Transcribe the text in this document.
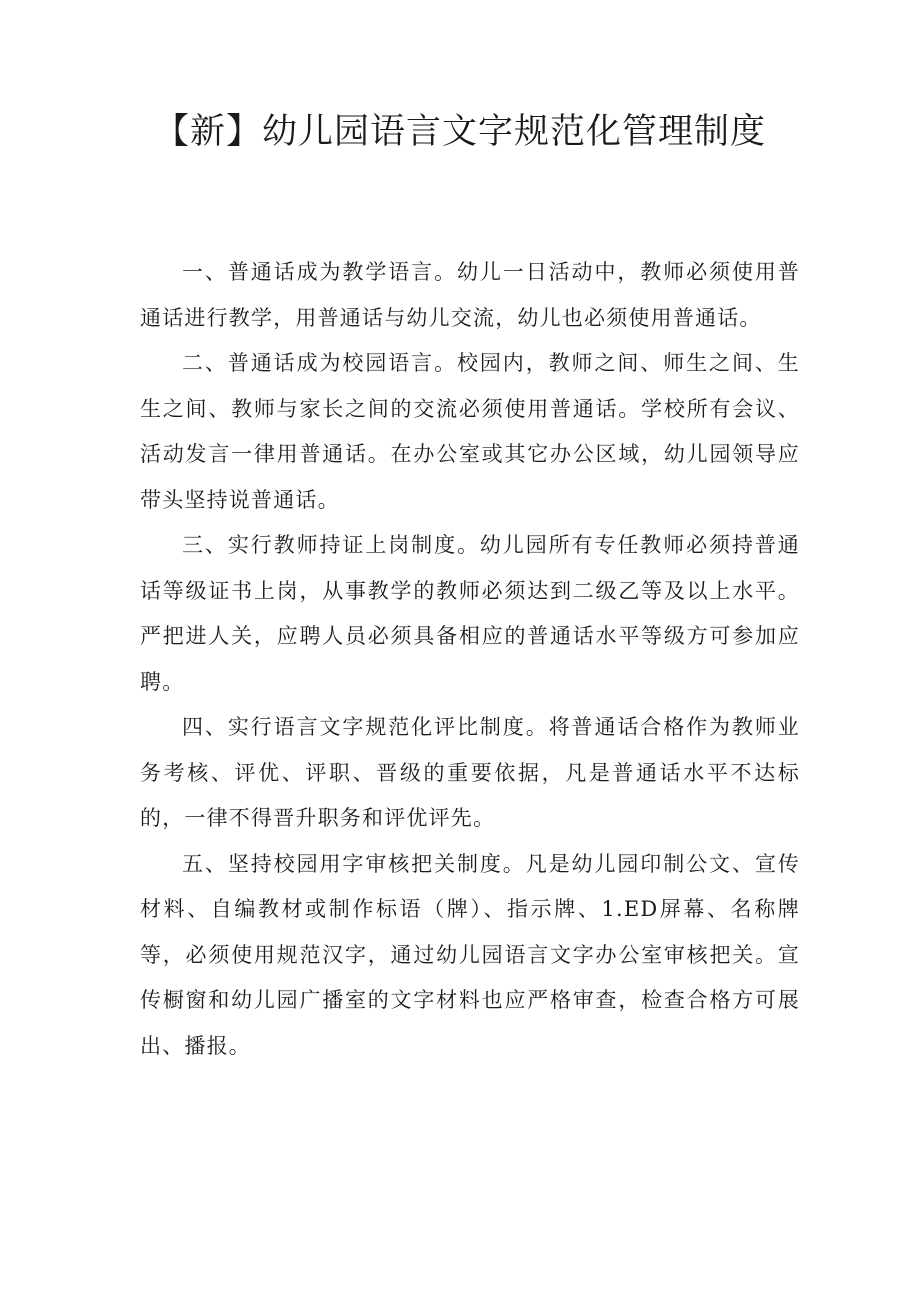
【新】幼儿园语言文字规范化管理制度

一、普通话成为教学语言。幼儿一日活动中，教师必须使用普通话进行教学，用普通话与幼儿交流，幼儿也必须使用普通话。

二、普通话成为校园语言。校园内，教师之间、师生之间、生生之间、教师与家长之间的交流必须使用普通话。学校所有会议、活动发言一律用普通话。在办公室或其它办公区域，幼儿园领导应带头坚持说普通话。

三、实行教师持证上岗制度。幼儿园所有专任教师必须持普通话等级证书上岗，从事教学的教师必须达到二级乙等及以上水平。严把进人关，应聘人员必须具备相应的普通话水平等级方可参加应聘。

四、实行语言文字规范化评比制度。将普通话合格作为教师业务考核、评优、评职、晋级的重要依据，凡是普通话水平不达标的，一律不得晋升职务和评优评先。

五、坚持校园用字审核把关制度。凡是幼儿园印制公文、宣传材料、自编教材或制作标语（牌）、指示牌、1.ED屏幕、名称牌等，必须使用规范汉字，通过幼儿园语言文字办公室审核把关。宣传橱窗和幼儿园广播室的文字材料也应严格审查，检查合格方可展出、播报。
